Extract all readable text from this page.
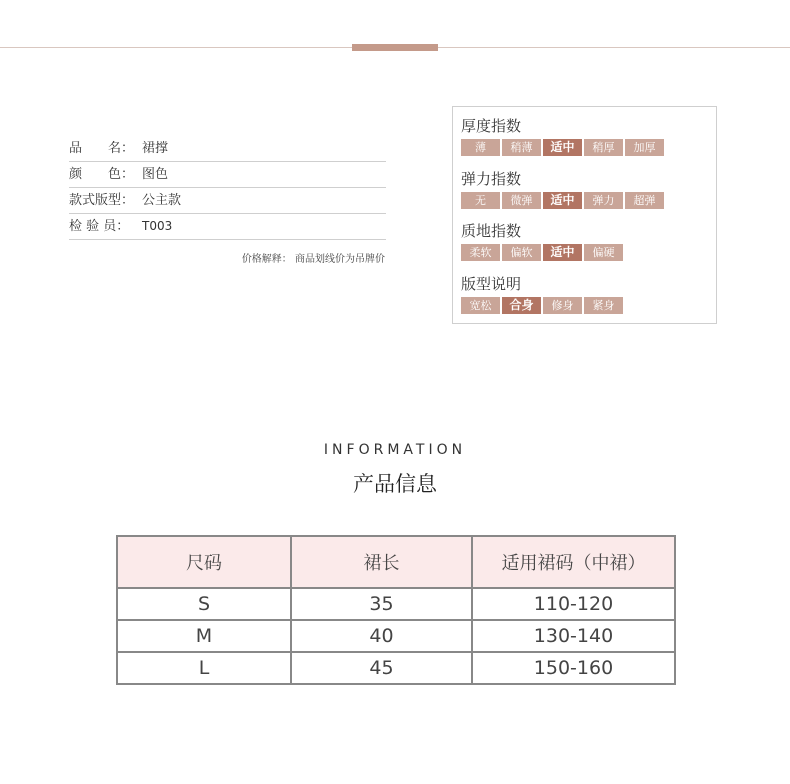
品　　名： 裙撑
颜　　色： 图色
款式版型： 公主款
检 验 员： T003
价格解释： 商品划线价为吊牌价
厚度指数
薄	稍薄	适中	稍厚	加厚
弹力指数
无	微弹	适中	弹力	超弹
质地指数
柔软	偏软	适中	偏硬
版型说明
宽松	合身	修身	紧身
INFORMATION
产品信息
尺码	裙长	适用裙码（中裙）
S	35	110-120
M	40	130-140
L	45	150-160
